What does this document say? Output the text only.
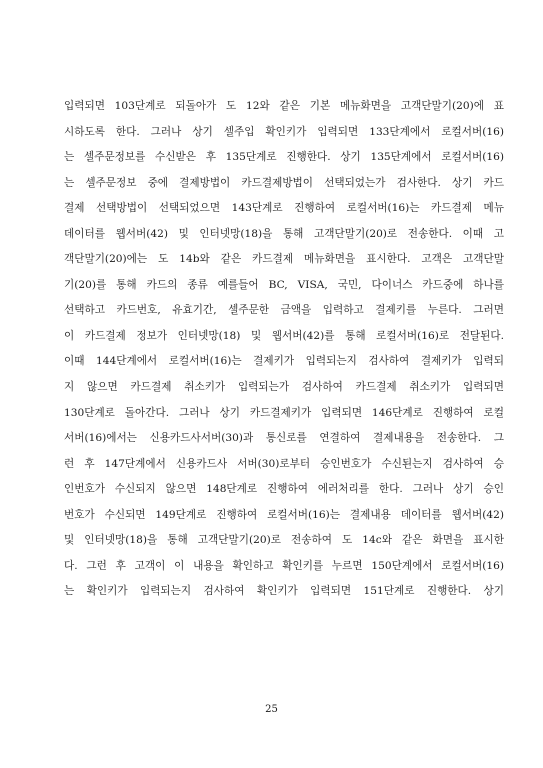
입력되면 103단계로 되돌아가 도 12와 같은 기본 메뉴화면을 고객단말기(20)에 표
시하도록 한다. 그러나 상기 셀주입 확인키가 입력되면 133단계에서 로컬서버(16)
는 셀주문정보를 수신받은 후 135단계로 진행한다. 상기 135단계에서 로컬서버(16)
는 셀주문정보 중에 결제방법이 카드결제방법이 선택되었는가 검사한다. 상기 카드
결제 선택방법이 선택되었으면 143단계로 진행하여 로컬서버(16)는 카드결제 메뉴
데이터를 웹서버(42) 및 인터넷망(18)을 통해 고객단말기(20)로 전송한다. 이때 고
객단말기(20)에는 도 14b와 같은 카드결제 메뉴화면을 표시한다. 고객은 고객단말
기(20)를 통해 카드의 종류 예를들어 BC, VISA, 국민, 다이너스 카드중에 하나를
선택하고 카드번호, 유효기간, 셀주문한 금액을 입력하고 결제키를 누른다. 그러면
이 카드결제 정보가 인터넷망(18) 및 웹서버(42)를 통해 로컬서버(16)로 전달된다.
이때 144단계에서 로컬서버(16)는 결제키가 입력되는지 검사하여 결제키가 입력되
지 않으면 카드결제 취소키가 입력되는가 검사하여 카드결제 취소키가 입력되면
130단계로 돌아간다. 그러나 상기 카드결제키가 입력되면 146단계로 진행하여 로컬
서버(16)에서는 신용카드사서버(30)과 통신로를 연결하여 결제내용을 전송한다. 그
런 후 147단계에서 신용카드사 서버(30)로부터 승인번호가 수신된는지 검사하여 승
인번호가 수신되지 않으면 148단계로 진행하여 에러처리를 한다. 그러나 상기 승인
번호가 수신되면 149단계로 진행하여 로컬서버(16)는 결제내용 데이터를 웹서버(42)
및 인터넷망(18)을 통해 고객단말기(20)로 전송하여 도 14c와 같은 화면을 표시한
다. 그런 후 고객이 이 내용을 확인하고 확인키를 누르면 150단계에서 로컬서버(16)
는 확인키가 입력되는지 검사하여 확인키가 입력되면 151단계로 진행한다. 상기
25
